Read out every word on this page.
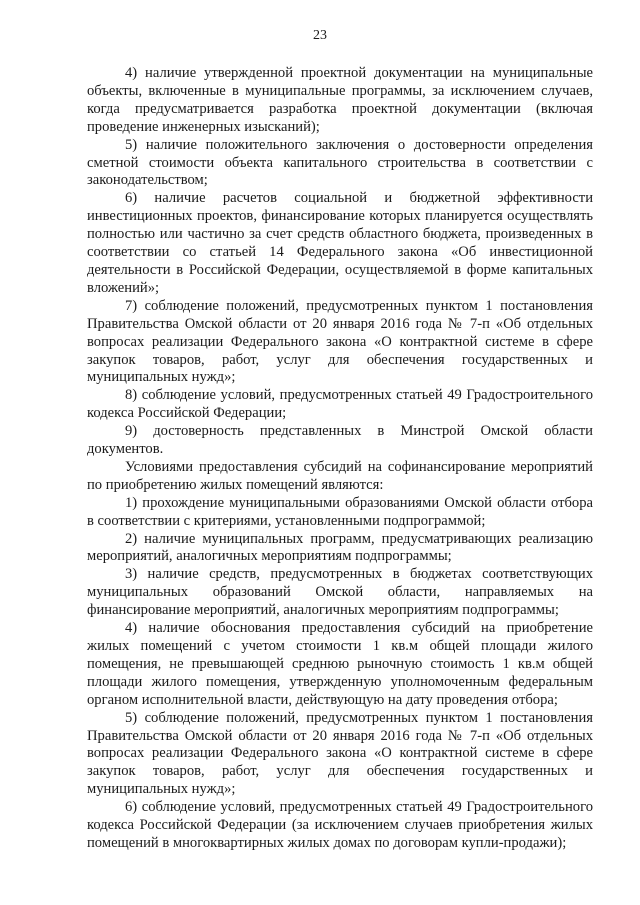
23

4) наличие утвержденной проектной документации на муниципальные объекты, включенные в муниципальные программы, за исключением случаев, когда предусматривается разработка проектной документации (включая проведение инженерных изысканий);

5) наличие положительного заключения о достоверности определения сметной стоимости объекта капитального строительства в соответствии с законодательством;

6) наличие расчетов социальной и бюджетной эффективности инвестиционных проектов, финансирование которых планируется осуществлять полностью или частично за счет средств областного бюджета, произведенных в соответствии со статьей 14 Федерального закона «Об инвестиционной деятельности в Российской Федерации, осуществляемой в форме капитальных вложений»;

7) соблюдение положений, предусмотренных пунктом 1 постановления Правительства Омской области от 20 января 2016 года № 7-п «Об отдельных вопросах реализации Федерального закона «О контрактной системе в сфере закупок товаров, работ, услуг для обеспечения государственных и муниципальных нужд»;

8) соблюдение условий, предусмотренных статьей 49 Градостроительного кодекса Российской Федерации;

9) достоверность представленных в Минстрой Омской области документов.

Условиями предоставления субсидий на софинансирование мероприятий по приобретению жилых помещений являются:

1) прохождение муниципальными образованиями Омской области отбора в соответствии с критериями, установленными подпрограммой;

2) наличие муниципальных программ, предусматривающих реализацию мероприятий, аналогичных мероприятиям подпрограммы;

3) наличие средств, предусмотренных в бюджетах соответствующих муниципальных образований Омской области, направляемых на финансирование мероприятий, аналогичных мероприятиям подпрограммы;

4) наличие обоснования предоставления субсидий на приобретение жилых помещений с учетом стоимости 1 кв.м общей площади жилого помещения, не превышающей среднюю рыночную стоимость 1 кв.м общей площади жилого помещения, утвержденную уполномоченным федеральным органом исполнительной власти, действующую на дату проведения отбора;

5) соблюдение положений, предусмотренных пунктом 1 постановления Правительства Омской области от 20 января 2016 года № 7-п «Об отдельных вопросах реализации Федерального закона «О контрактной системе в сфере закупок товаров, работ, услуг для обеспечения государственных и муниципальных нужд»;

6) соблюдение условий, предусмотренных статьей 49 Градостроительного кодекса Российской Федерации (за исключением случаев приобретения жилых помещений в многоквартирных жилых домах по договорам купли-продажи);
